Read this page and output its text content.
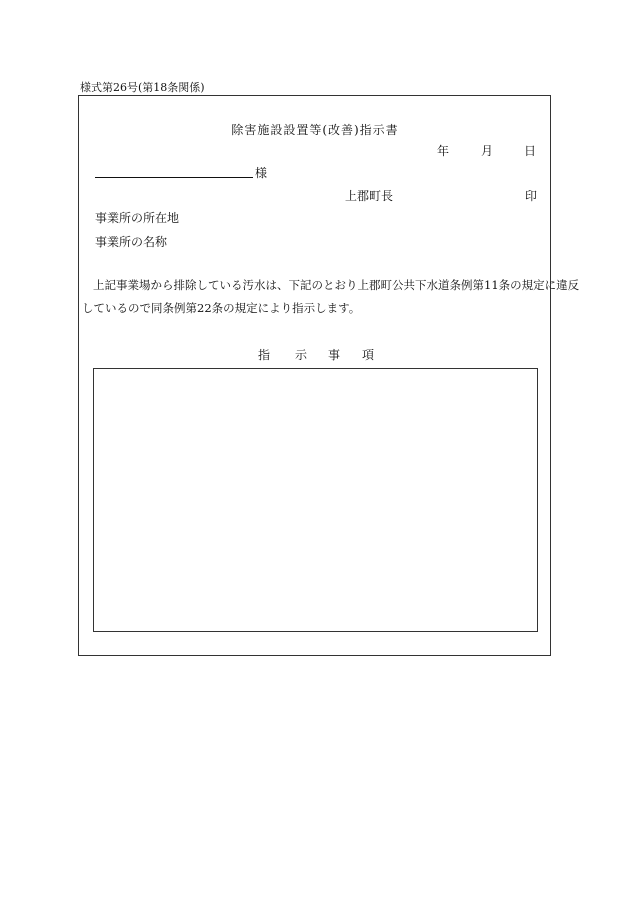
様式第26号(第18条関係)
除害施設設置等(改善)指示書
年	月	日
様
上郡町長	印
事業所の所在地
事業所の名称
上記事業場から排除している汚水は、下記のとおり上郡町公共下水道条例第11条の規定に違反
しているので同条例第22条の規定により指示します。
指 示 事 項
